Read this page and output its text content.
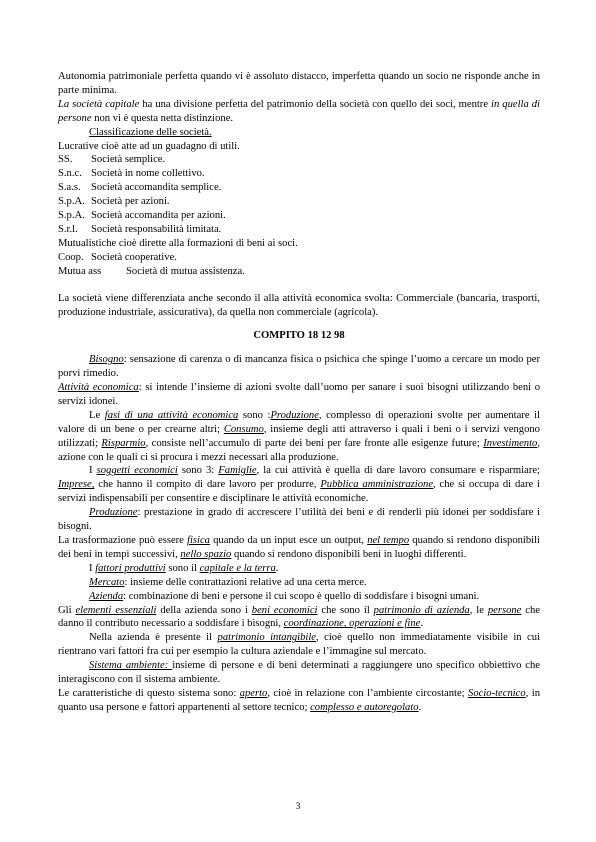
Autonomia patrimoniale perfetta quando vi è assoluto distacco, imperfetta quando un socio ne risponde anche in parte minima.

La società capitale ha una divisione perfetta del patrimonio della società con quello dei soci, mentre in quella di persone non vi è questa netta distinzione.

Classificazione delle società.

Lucrative cioè atte ad un guadagno di utili.

SS.	Società semplice.
S.n.c. Società in nome collettivo.
S.a.s. Società accomandita semplice.
S.p.A. Società per azioni.
S.p.A. Società accomandita per azioni.
S.r.l.	Società responsabilità limitata.

Mutualistiche cioè dirette alla formazioni di beni ai soci.

Coop. Società cooperative.
Mutua ass	Società di mutua assistenza.

La società viene differenziata anche secondo il alla attività economica svolta: Commerciale (bancaria, trasporti, produzione industriale, assicurativa), da quella non commerciale (agricola).

COMPITO 18 12 98

Bisogno: sensazione di carenza o di mancanza fisica o psichica che spinge l’uomo a cercare un modo per porvi rimedio.

Attività economica: si intende l’insieme di azioni svolte dall’uomo per sanare i suoi bisogni utilizzando beni o servizi idonei.

Le fasi di una attività economica sono :Produzione, complesso di operazioni svolte per aumentare il valore di un bene o per crearne altri; Consumo, insieme degli atti attraverso i quali i beni o i servizi vengono utilizzati; Risparmio, consiste nell’accumulo di parte dei beni per fare fronte alle esigenze future; Investimento, azione con le quali ci si procura i mezzi necessari alla produzione.

I soggetti economici sono 3: Famiglie, la cui attività è quella di dare lavoro consumare e risparmiare; Imprese, che hanno il compito di dare lavoro per produrre, Pubblica amministrazione, che si occupa di dare i servizi indispensabili per consentire e disciplinare le attività economiche.

Produzione: prestazione in grado di accrescere l’utilità dei beni e di renderli più idonei per soddisfare i bisogni.

La trasformazione può essere fisica quando da un input esce un output, nel tempo quando si rendono disponibili dei beni in tempi successivi, nello spazio quando si rendono disponibili beni in luoghi differenti.

I fattori produttivi sono il capitale e la terra.

Mercato: insieme delle contrattazioni relative ad una certa merce.

Azienda: combinazione di beni e persone il cui scopo è quello di soddisfare i bisogni umani.

Gli elementi essenziali della azienda sono i beni economici che sono il patrimonio di azienda, le persone che danno il contributo necessario a soddisfare i bisogni, coordinazione, operazioni e fine.

Nella azienda è presente il patrimonio intangibile, cioè quello non immediatamente visibile in cui rientrano vari fattori fra cui per esempio la cultura aziendale e l’immagine sul mercato.

Sistema ambiente: insieme di persone e di beni determinati a raggiungere uno specifico obbiettivo che interagiscono con il sistema ambiente.

Le caratteristiche di questo sistema sono: aperto, cioè in relazione con l’ambiente circostante; Socio-tecnico, in quanto usa persone e fattori appartenenti al settore tecnico; complesso e autoregolato.

3
